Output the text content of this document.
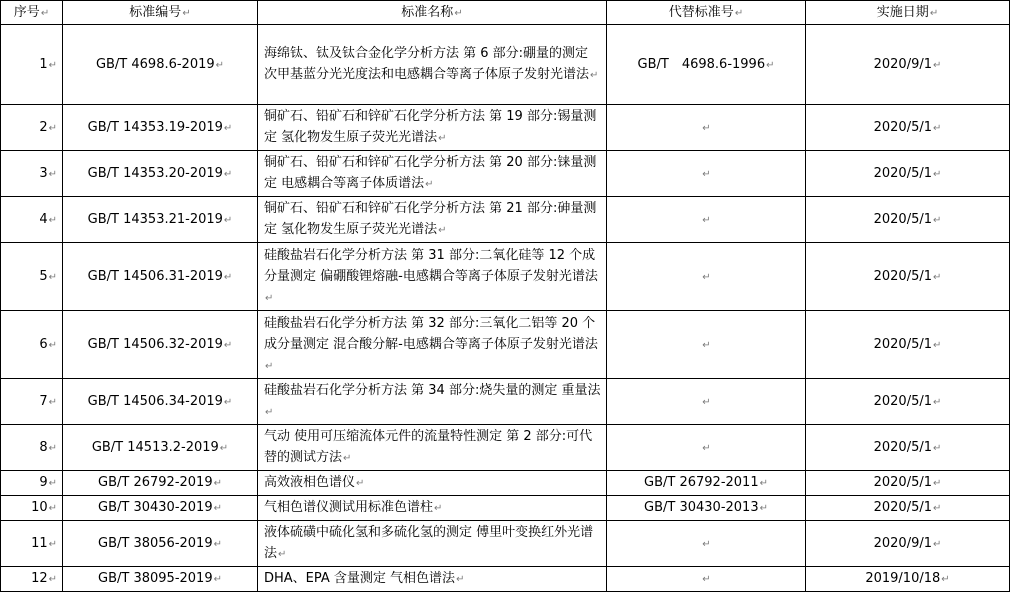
序号↵	标准编号↵	标准名称↵	代替标准号↵	实施日期↵
1↵	GB/T 4698.6-2019↵	海绵钛、钛及钛合金化学分析方法 第 6 部分:硼量的测定 次甲基蓝分光光度法和电感耦合等离子体原子发射光谱法↵	GB/T　4698.6-1996↵	2020/9/1↵
2↵	GB/T 14353.19-2019↵	铜矿石、铅矿石和锌矿石化学分析方法 第 19 部分:锡量测定 氢化物发生原子荧光光谱法↵	↵	2020/5/1↵
3↵	GB/T 14353.20-2019↵	铜矿石、铅矿石和锌矿石化学分析方法 第 20 部分:铼量测定 电感耦合等离子体质谱法↵	↵	2020/5/1↵
4↵	GB/T 14353.21-2019↵	铜矿石、铅矿石和锌矿石化学分析方法 第 21 部分:砷量测定 氢化物发生原子荧光光谱法↵	↵	2020/5/1↵
5↵	GB/T 14506.31-2019↵	硅酸盐岩石化学分析方法 第 31 部分:二氧化硅等 12 个成分量测定 偏硼酸锂熔融-电感耦合等离子体原子发射光谱法↵	↵	2020/5/1↵
6↵	GB/T 14506.32-2019↵	硅酸盐岩石化学分析方法 第 32 部分:三氧化二铝等 20 个成分量测定 混合酸分解-电感耦合等离子体原子发射光谱法↵	↵	2020/5/1↵
7↵	GB/T 14506.34-2019↵	硅酸盐岩石化学分析方法 第 34 部分:烧失量的测定 重量法↵	↵	2020/5/1↵
8↵	GB/T 14513.2-2019↵	气动 使用可压缩流体元件的流量特性测定 第 2 部分:可代替的测试方法↵	↵	2020/5/1↵
9↵	GB/T 26792-2019↵	高效液相色谱仪↵	GB/T 26792-2011↵	2020/5/1↵
10↵	GB/T 30430-2019↵	气相色谱仪测试用标准色谱柱↵	GB/T 30430-2013↵	2020/5/1↵
11↵	GB/T 38056-2019↵	液体硫磺中硫化氢和多硫化氢的测定 傅里叶变换红外光谱法↵	↵	2020/9/1↵
12↵	GB/T 38095-2019↵	DHA、EPA 含量测定 气相色谱法↵	↵	2019/10/18↵
